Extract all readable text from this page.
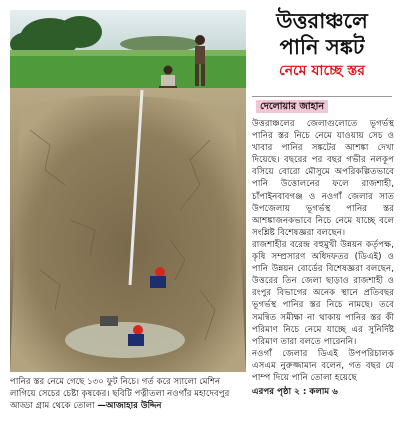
পানির স্তর নেমে গেছে ১৩০ ফুট নিচে। গর্ত করে স্যালো মেশিন লাগিয়ে সেচের চেষ্টা কৃষকের। ছবিটি পত্নীতলা নওগাঁর মহাদেবপুর আড্ডা গ্রাম থেকে তোলা —আজাহার উদ্দিন
উত্তরাঞ্চলে
পানি সঙ্কট
নেমে যাচ্ছে স্তর
দেলোয়ার জাহান

উত্তরাঞ্চলের জেলাগুলোতে ভূগর্ভস্থ পানির স্তর নিচে নেমে যাওয়ায় সেচ ও খাবার পানির সঙ্কটের আশঙ্কা দেখা দিয়েছে। বছরের পর বছর গভীর নলকূপ বসিয়ে বোরো মৌসুমে অপরিকল্পিতভাবে পানি উত্তোলনের ফলে রাজশাহী, চাঁপাইনবাবগঞ্জ ও নওগাঁ জেলার সাত উপজেলায় ভূগর্ভস্থ পানির স্তর আশঙ্কাজনকভাবে নিচে নেমে যাচ্ছে বলে সংশ্লিষ্ট বিশেষজ্ঞরা বলছেন।

রাজশাহীর বরেন্দ্র বহুমুখী উন্নয়ন কর্তৃপক্ষ, কৃষি সম্প্রসারণ অধিদফতর (ডিএই) ও পানি উন্নয়ন বোর্ডের বিশেষজ্ঞরা বলছেন, উত্তরের তিন জেলা ছাড়াও রাজশাহী ও রংপুর বিভাগের অনেক স্থানে প্রতিবছর ভূগর্ভস্থ পানির স্তর নিচে নামছে। তবে সমন্বিত সমীক্ষা না থাকায় পানির স্তর কী পরিমাণ নিচে নেমে যাচ্ছে এর সুনির্দিষ্ট পরিমাণ তারা বলতে পারেননি।

নওগাঁ জেলার ডিএই উপপরিচালক এসএম নুরুজ্জামান বলেন, গত বছর যে পাম্প দিয়ে পানি তোলা হয়েছে

এরপর পৃষ্ঠা ২ : কলাম ৬
